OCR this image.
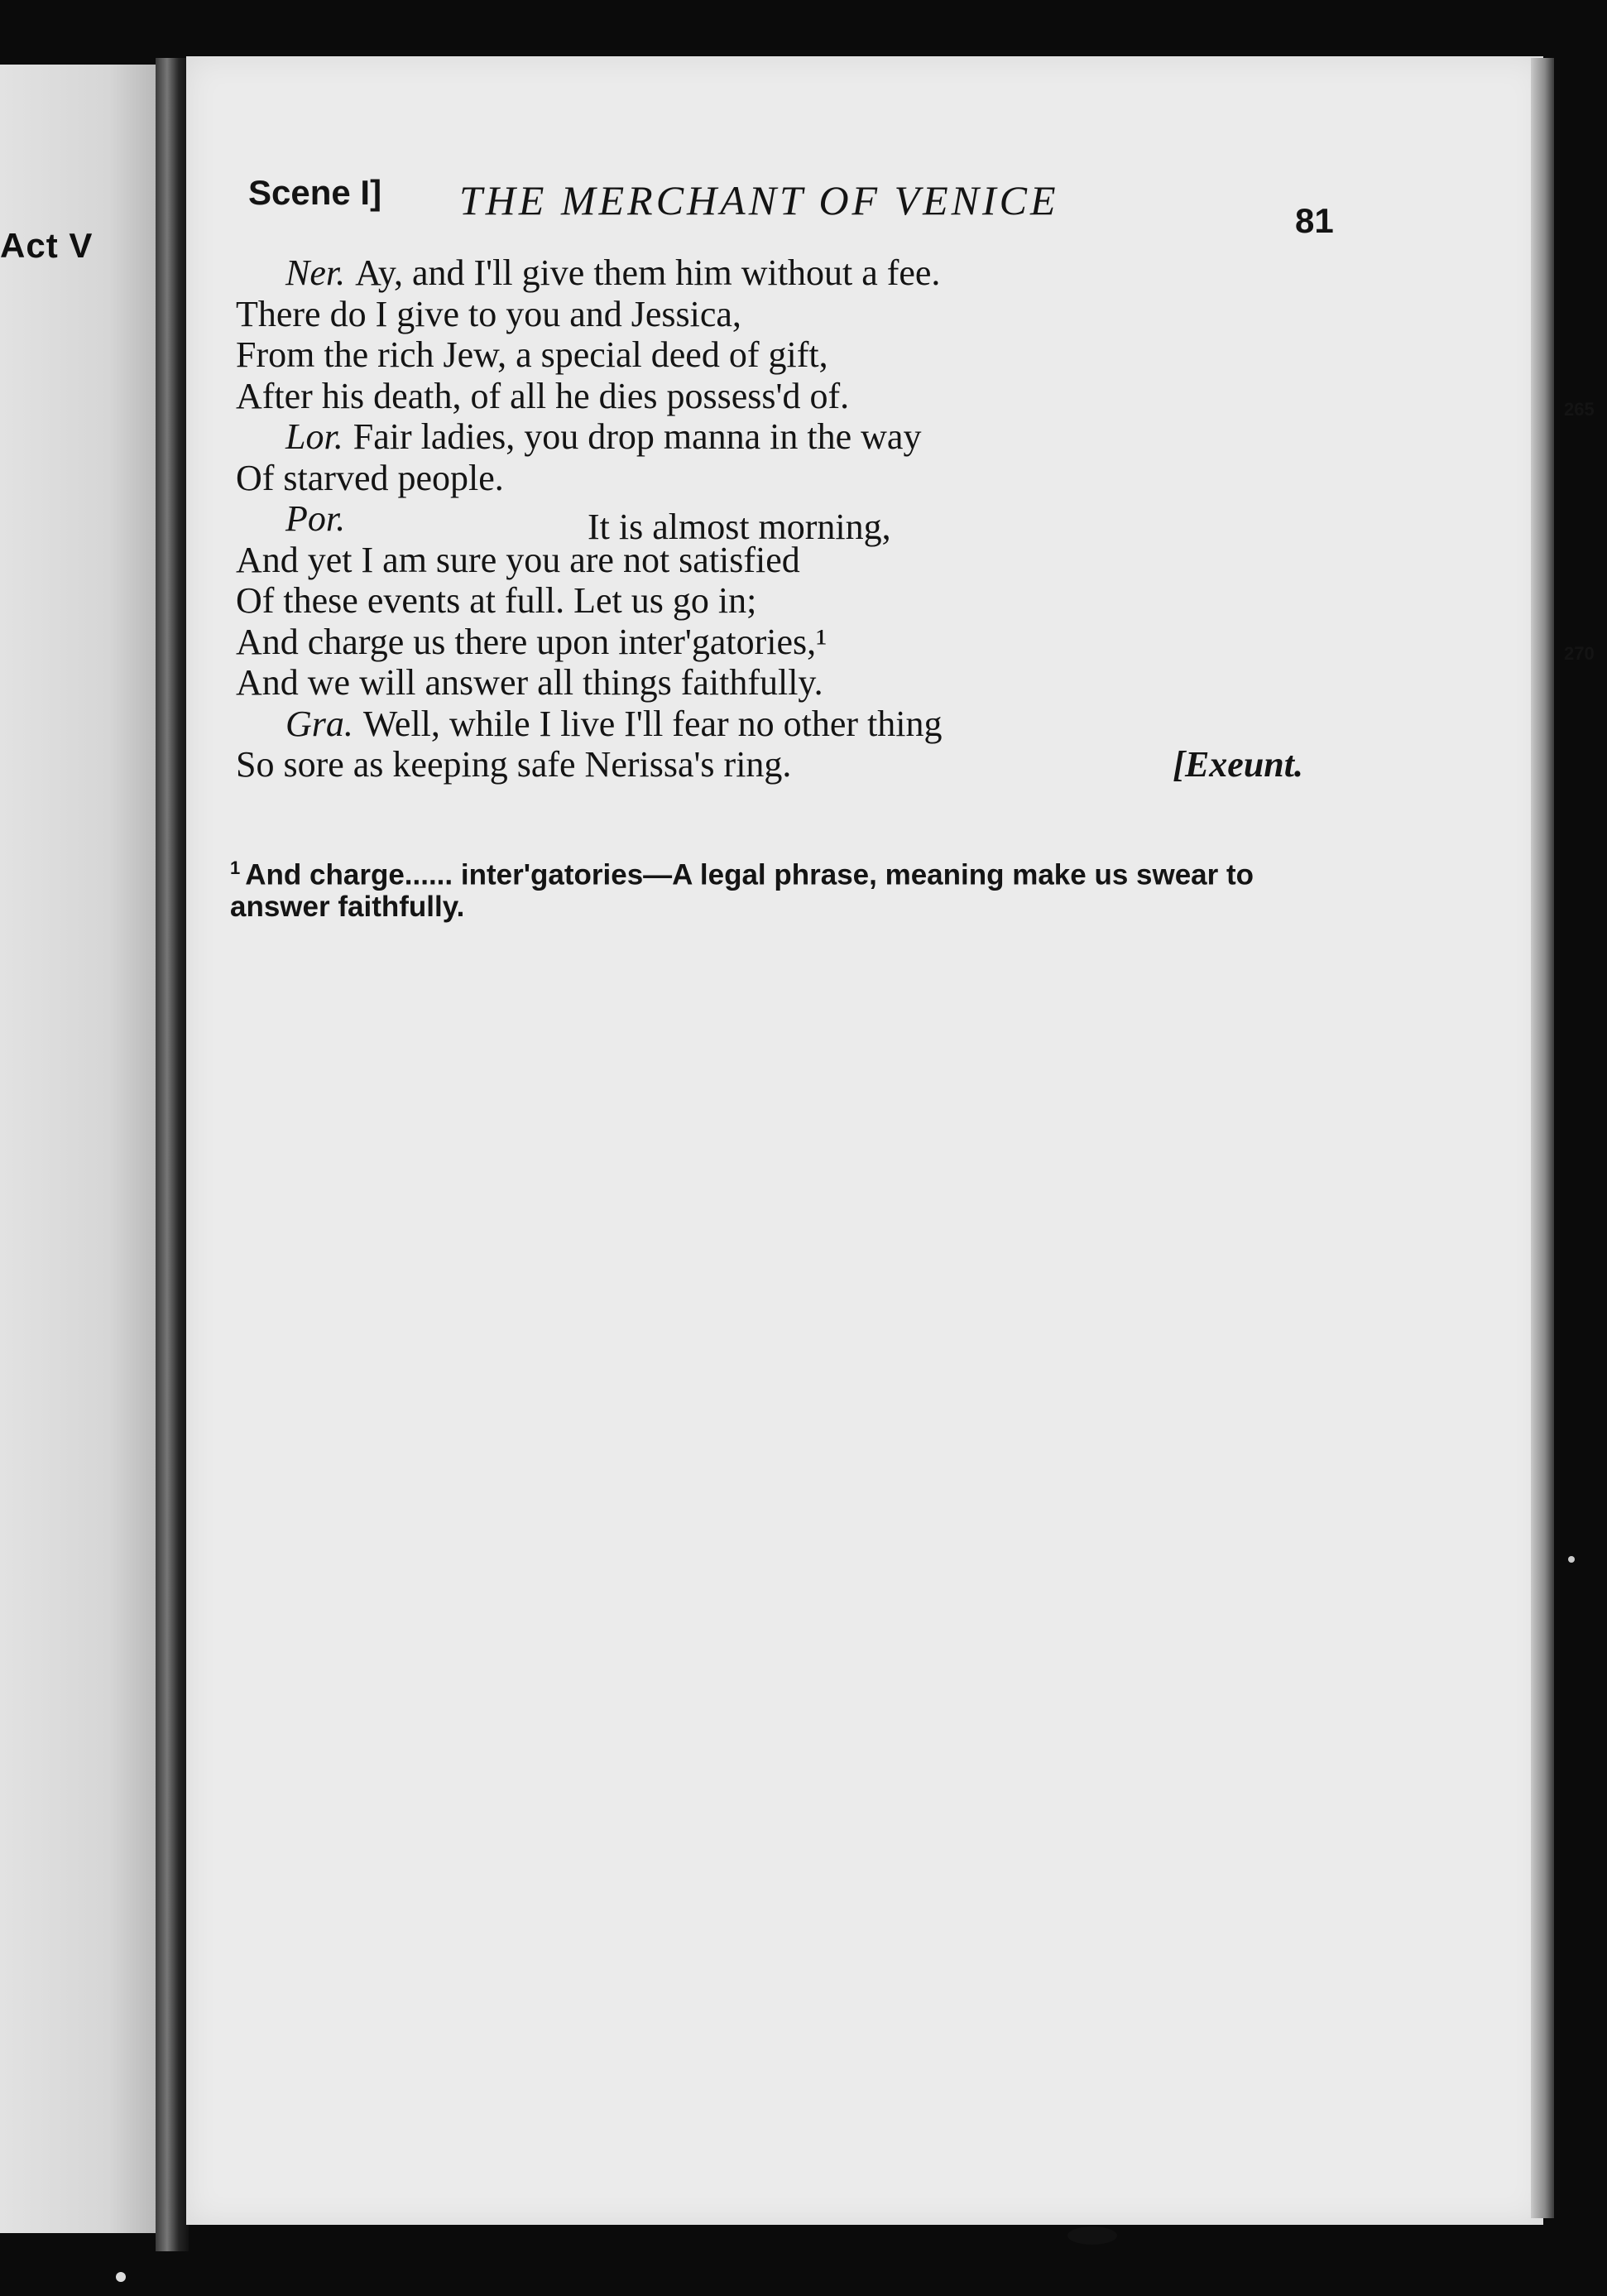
Act V
Scene I] THE MERCHANT OF VENICE	81
Ner. Ay, and I'll give them him without a fee.
There do I give to you and Jessica,
From the rich Jew, a special deed of gift,
After his death, of all he dies possess'd of.	265
Lor. Fair ladies, you drop manna in the way
Of starved people.
Por.	It is almost morning,
And yet I am sure you are not satisfied
Of these events at full. Let us go in;
And charge us there upon inter'gatories,¹	270
And we will answer all things faithfully.
Gra. Well, while I live I'll fear no other thing
So sore as keeping safe Nerissa's ring.	[Exeunt.
$^1$ And charge...... inter'gatories—A legal phrase, meaning make us swear to answer faithfully.
